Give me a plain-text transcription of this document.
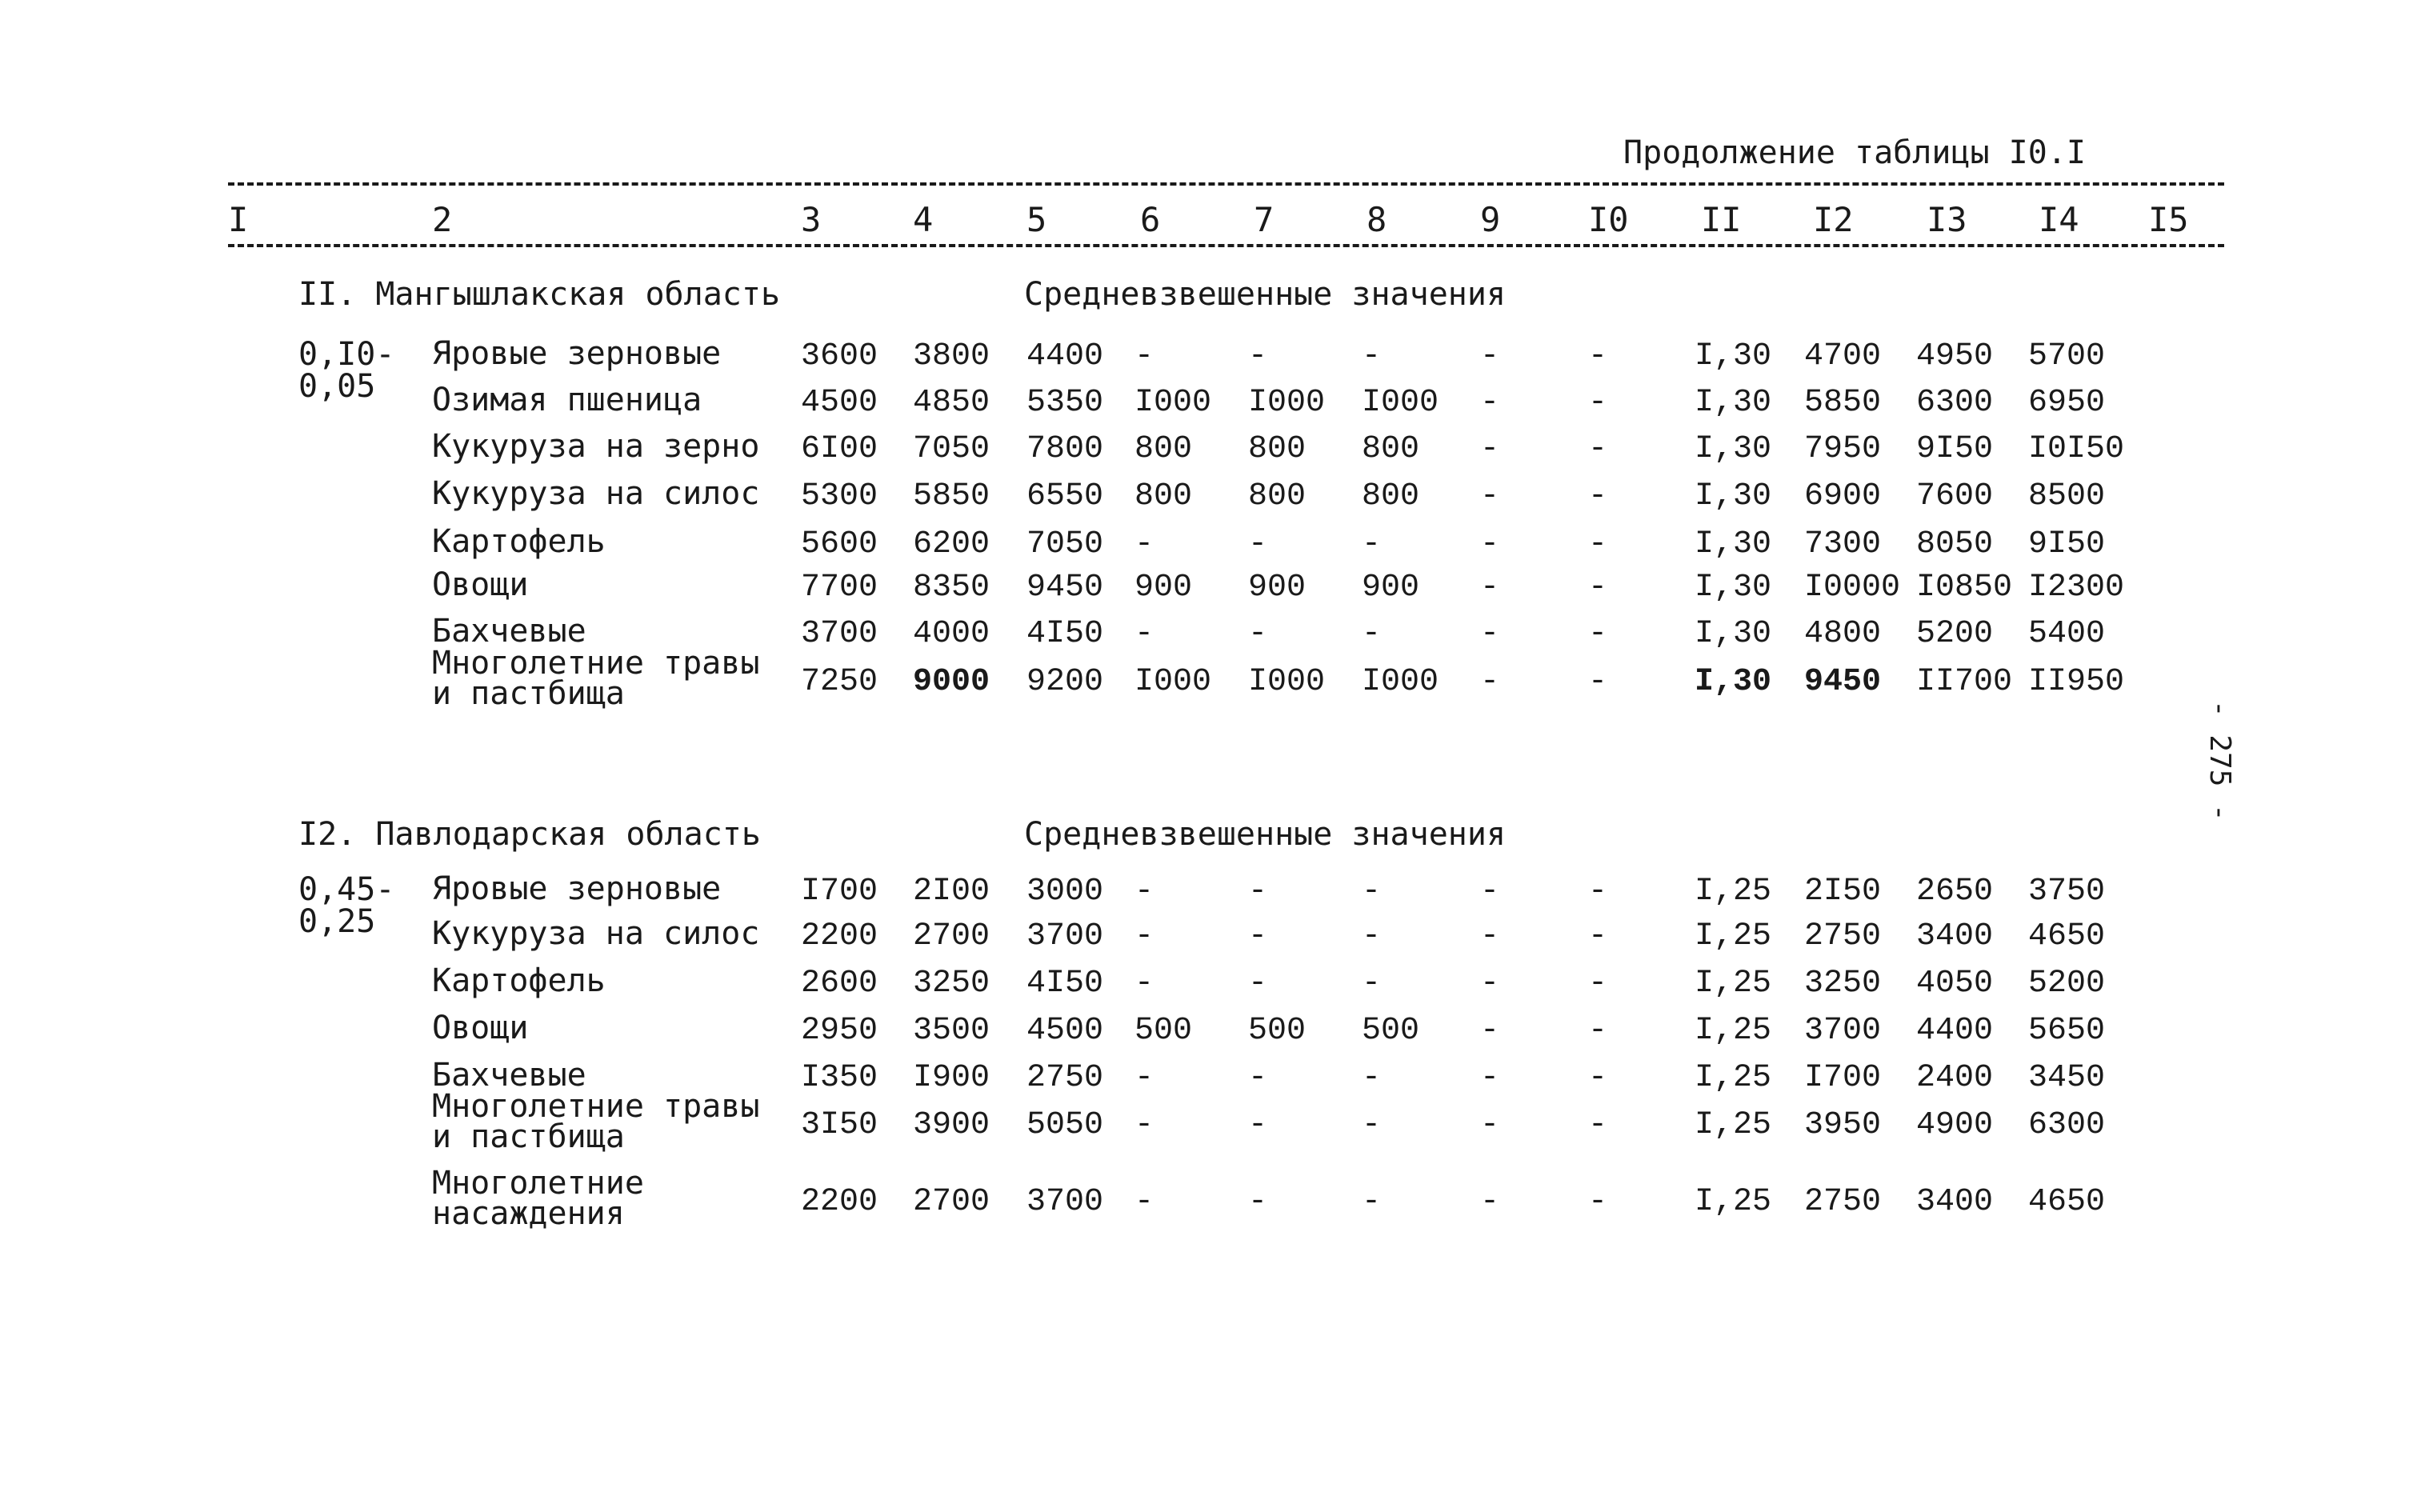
Продолжение таблицы I0.I
I	2	3	4	5	6	7	8	9	I0 II I2 I3 I4 I5
II. Мангышлакская область	Средневзвешенные значения
0,I0-
0,05
Яровые зерновые 3600 3800 4400 -	-	-	-	-	I,30 4700 4950 5700
Озимая пшеница	4500 4850 5350 I000 I000 I000 -	-	I,30 5850 6300 6950
Кукуруза на зерно 6I00 7050 7800 800 800 800 -	-	I,30 7950 9I50 I0I50
Кукуруза на силос 5300 5850 6550 800 800 800 -	-	I,30 6900 7600 8500
Картофель	5600 6200 7050 -	-	-	-	-	I,30 7300 8050 9I50
Овощи	7700 8350 9450 900 900 900 -	-	I,30 I0000 I0850 I2300
Бахчевые	3700 4000 4I50 -	-	-	-	-	I,30 4800 5200 5400
Многолетние травы
и пастбища	7250 9000 9200 I000 I000 I000 -	-	I,30 9450 II700 II950
I2. Павлодарская область	Средневзвешенные значения
0,45-
0,25
Яровые зерновые I700 2I00 3000 -	-	-	-	-	I,25 2I50 2650 3750
Кукуруза на силос 2200 2700 3700 -	-	-	-	-	I,25 2750 3400 4650
Картофель	2600 3250 4I50 -	-	-	-	-	I,25 3250 4050 5200
Овощи	2950 3500 4500 500 500 500 -	-	I,25 3700 4400 5650
Бахчевые	I350 I900 2750 -	-	-	-	-	I,25 I700 2400 3450
Многолетние травы
и пастбища	3I50 3900 5050 -	-	-	-	-	I,25 3950 4900 6300
Многолетние
насаждения	2200 2700 3700 -	-	-	-	-	I,25 2750 3400 4650
- 275 -
